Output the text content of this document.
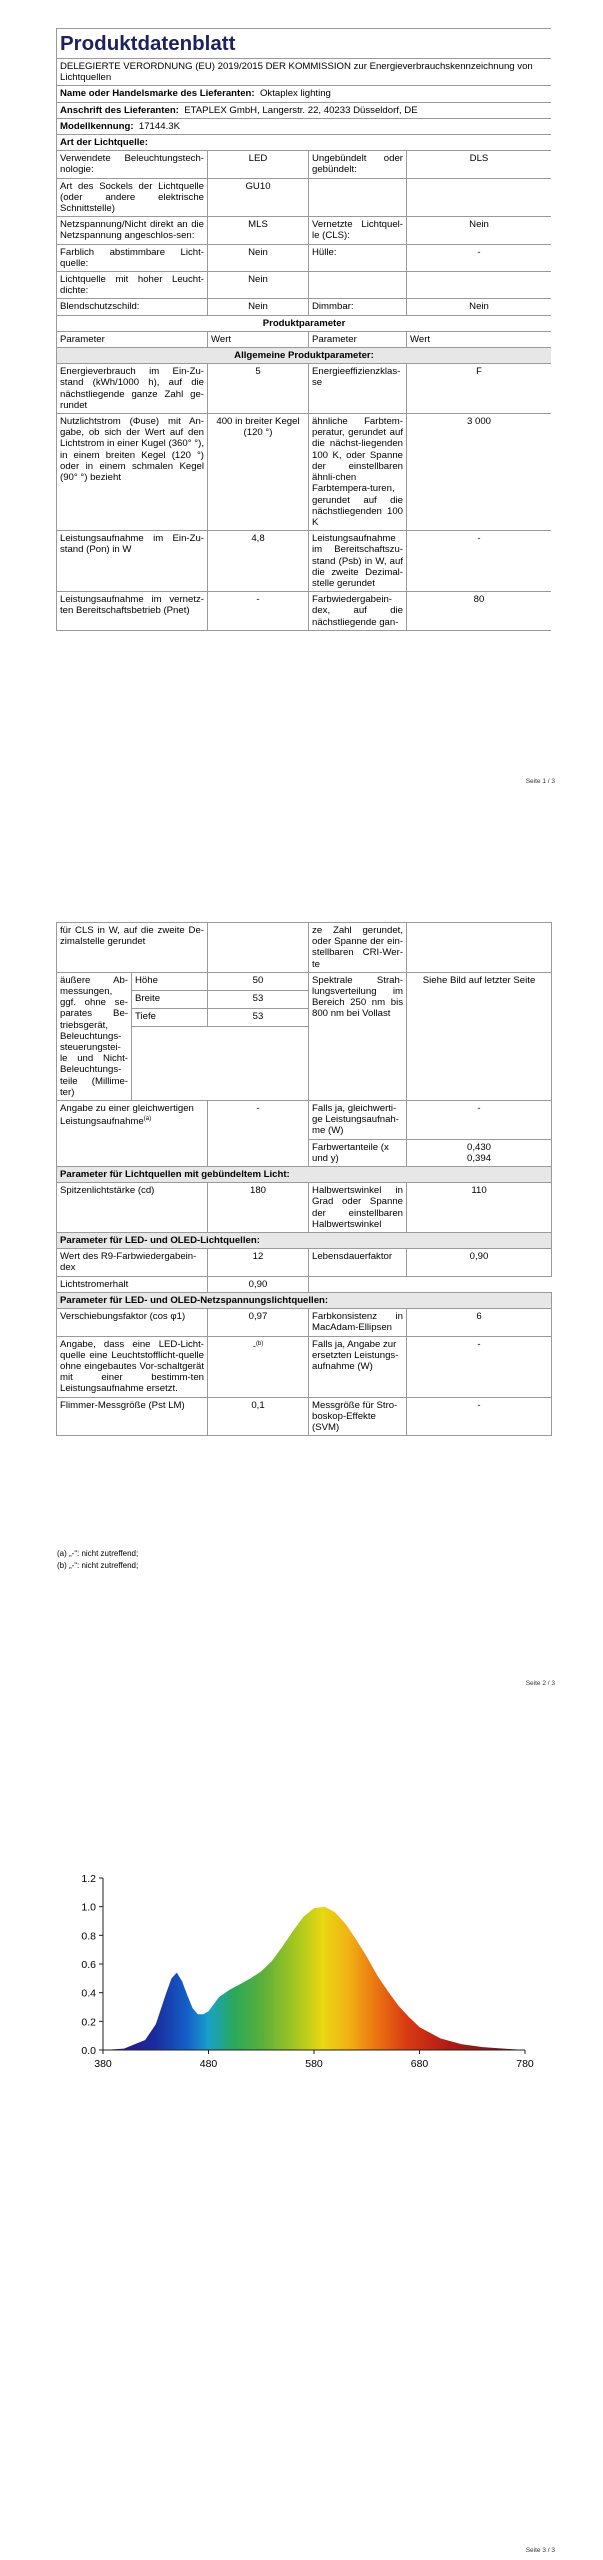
Produktdatenblatt			
DELEGIERTE VERORDNUNG (EU) 2019/2015 DER KOMMISSION zur Energieverbrauchskennzeichnung von Lichtquellen			
Name oder Handelsmarke des Lieferanten: Oktaplex lighting			
Anschrift des Lieferanten: ETAPLEX GmbH, Langerstr. 22, 40233 Düsseldorf, DE			
Modellkennung: 17144.3K			
Art der Lichtquelle:			
Verwendete Beleuchtungstech-nologie:	LED	Ungebündelt oder gebündelt:	DLS
Art des Sockels der Lichtquelle (oder andere elektrische Schnittstelle)	GU10		
Netzspannung/Nicht direkt an die Netzspannung angeschlos-sen:	MLS	Vernetzte Lichtquel-le (CLS):	Nein
Farblich abstimmbare Licht-quelle:	Nein	Hülle:	-
Lichtquelle mit hoher Leucht-dichte:	Nein		
Blendschutzschild:	Nein	Dimmbar:	Nein
Produktparameter			
Parameter	Wert	Parameter	Wert
Allgemeine Produktparameter:			
Energieverbrauch im Ein-Zu-stand (kWh/1000 h), auf die nächstliegende ganze Zahl ge-rundet	5	Energieeffizienzklas-se	F
Nutzlichtstrom (Φuse) mit An-gabe, ob sich der Wert auf den Lichtstrom in einer Kugel (360° °), in einem breiten Kegel (120 °) oder in einem schmalen Kegel (90° °) bezieht	400 in breiter Kegel (120 °)	ähnliche Farbtem-peratur, gerundet auf die nächst-liegenden 100 K, oder Spanne der einstellbaren ähnli-chen Farbtempera-turen, gerundet auf die nächstliegenden 100 K	3 000
Leistungsaufnahme im Ein-Zu-stand (Pon) in W	4,8	Leistungsaufnahme im Bereitschaftszu-stand (Psb) in W, auf die zweite Dezimal-stelle gerundet	-
Leistungsaufnahme im vernetz-ten Bereitschaftsbetrieb (Pnet)	-	Farbwiedergabein-dex, auf die nächstliegende gan-	80
Seite 1 / 3
für CLS in W, auf die zweite De-zimalstelle gerundet			ze Zahl gerundet, oder Spanne der ein-stellbaren CRI-Wer-te	
äußere Ab-messungen, ggf. ohne se-parates Be-triebsgerät, Beleuchtungs-steuerungstei-le und Nicht-Beleuchtungs-teile (Millime-ter)	Höhe	50	Spektrale Strah-lungsverteilung im Bereich 250 nm bis 800 nm bei Vollast	Siehe Bild auf letzter Seite
	Breite	53		
	Tiefe	53		

Angabe zu einer gleichwertigen Leistungsaufnahme$^{(a)}$		-	Falls ja, gleichwerti-ge Leistungsaufnah-me (W)	-
			Farbwertanteile (x und y)	0,430
0,394
Parameter für Lichtquellen mit gebündeltem Licht:				
Spitzenlichtstärke (cd)		180	Halbwertswinkel in Grad oder Spanne der einstellbaren Halbwertswinkel	110
Parameter für LED- und OLED-Lichtquellen:				
Wert des R9-Farbwiedergabein-dex		12	Lebensdauerfaktor	0,90
Lichtstromerhalt		0,90		
Parameter für LED- und OLED-Netzspannungslichtquellen:				
Verschiebungsfaktor (cos φ1)		0,97	Farbkonsistenz in MacAdam-Ellipsen	6
Angabe, dass eine LED-Licht-quelle eine Leuchtstofflicht-quelle ohne eingebautes Vor-schaltgerät mit einer bestimm-ten Leistungsaufnahme ersetzt.		-$^{(b)}$	Falls ja, Angabe zur ersetzten Leistungs-aufnahme (W)	-
Flimmer-Messgröße (Pst LM)		0,1	Messgröße für Stro-boskop-Effekte (SVM)	-
(a) „-“: nicht zutreffend;
(b) „-“: nicht zutreffend;
Seite 2 / 3
Seite 3 / 3
0.0
0.2
0.4
0.6
0.8
1.0
1.2
380	480	580	680	780
